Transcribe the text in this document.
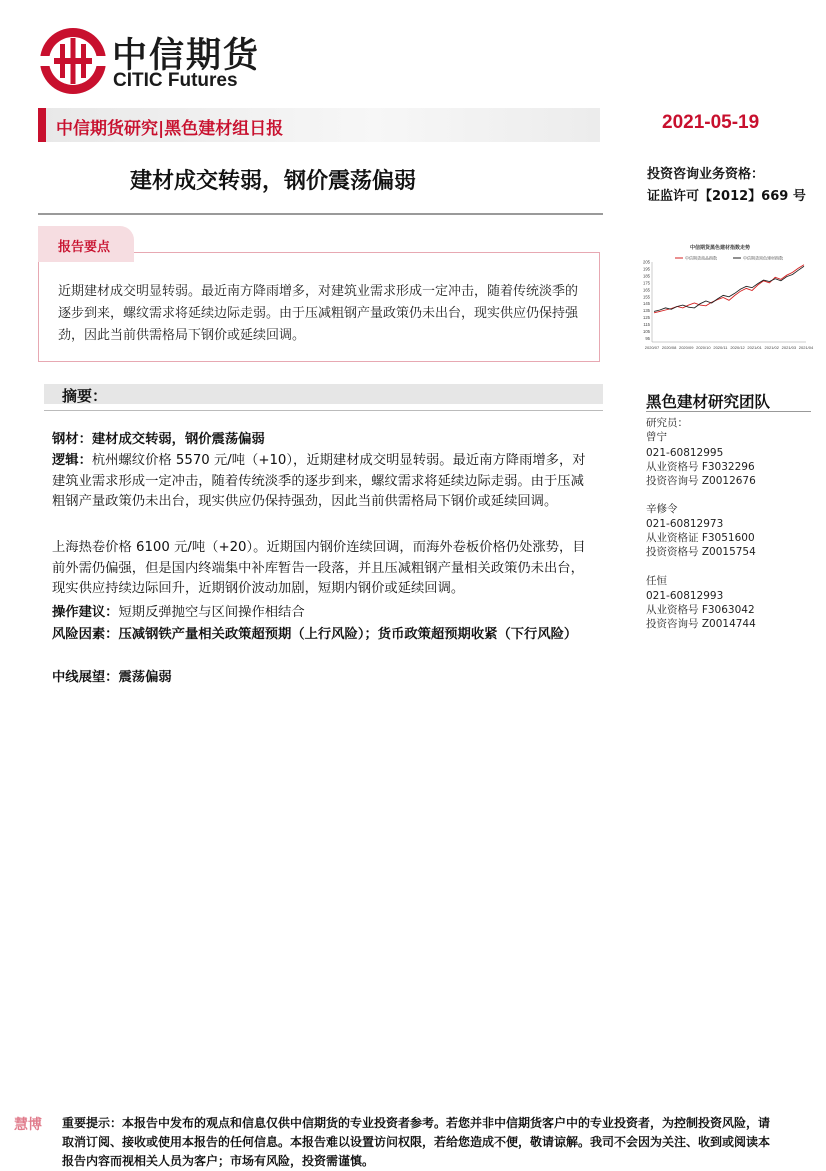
中信期货
CITIC Futures
中信期货研究|黑色建材组日报	2021-05-19
建材成交转弱，钢价震荡偏弱	投资咨询业务资格：
证监许可【2012】669 号
报告要点
近期建材成交明显转弱。最近南方降雨增多，对建筑业需求形成一定冲击，随着传统淡季的逐步到来，螺纹需求将延续边际走弱。由于压减粗钢产量政策仍未出台，现实供应仍保持强劲，因此当前供需格局下钢价或延续回调。
中信期货黑色建材指数走势
205
195
185
175
165
155
145
135
125
115
105
95
2020/07 2020/08 2020/09 2020/10 2020/11 2020/12 2021/01 2021/02 2021/03 2021/04
中信期货商品指数	中信期货黑色建材指数
摘要：
钢材：建材成交转弱，钢价震荡偏弱
逻辑：杭州螺纹价格 5570 元/吨（+10），近期建材成交明显转弱。最近南方降雨增多，对建筑业需求形成一定冲击，随着传统淡季的逐步到来，螺纹需求将延续边际走弱。由于压减粗钢产量政策仍未出台，现实供应仍保持强劲，因此当前供需格局下钢价或延续回调。
上海热卷价格 6100 元/吨（+20）。近期国内钢价连续回调，而海外卷板价格仍处涨势，目前外需仍偏强，但是国内终端集中补库暂告一段落，并且压减粗钢产量相关政策仍未出台，现实供应持续边际回升，近期钢价波动加剧，短期内钢价或延续回调。
操作建议：短期反弹抛空与区间操作相结合
风险因素：压减钢铁产量相关政策超预期（上行风险）；货币政策超预期收紧（下行风险）
中线展望：震荡偏弱
黑色建材研究团队
研究员：
曾宁
021-60812995
从业资格号 F3032296
投资咨询号 Z0012676
辛修令
021-60812973
从业资格证 F3051600
投资资格号 Z0015754
任恒
021-60812993
从业资格号 F3063042
投资咨询号 Z0014744
慧博 重要提示：本报告中发布的观点和信息仅供中信期货的专业投资者参考。若您并非中信期货客户中的专业投资者，为控制投资风险，请取消订阅、接收或使用本报告的任何信息。本报告难以设置访问权限，若给您造成不便，敬请谅解。我司不会因为关注、收到或阅读本报告内容而视相关人员为客户；市场有风险，投资需谨慎。
